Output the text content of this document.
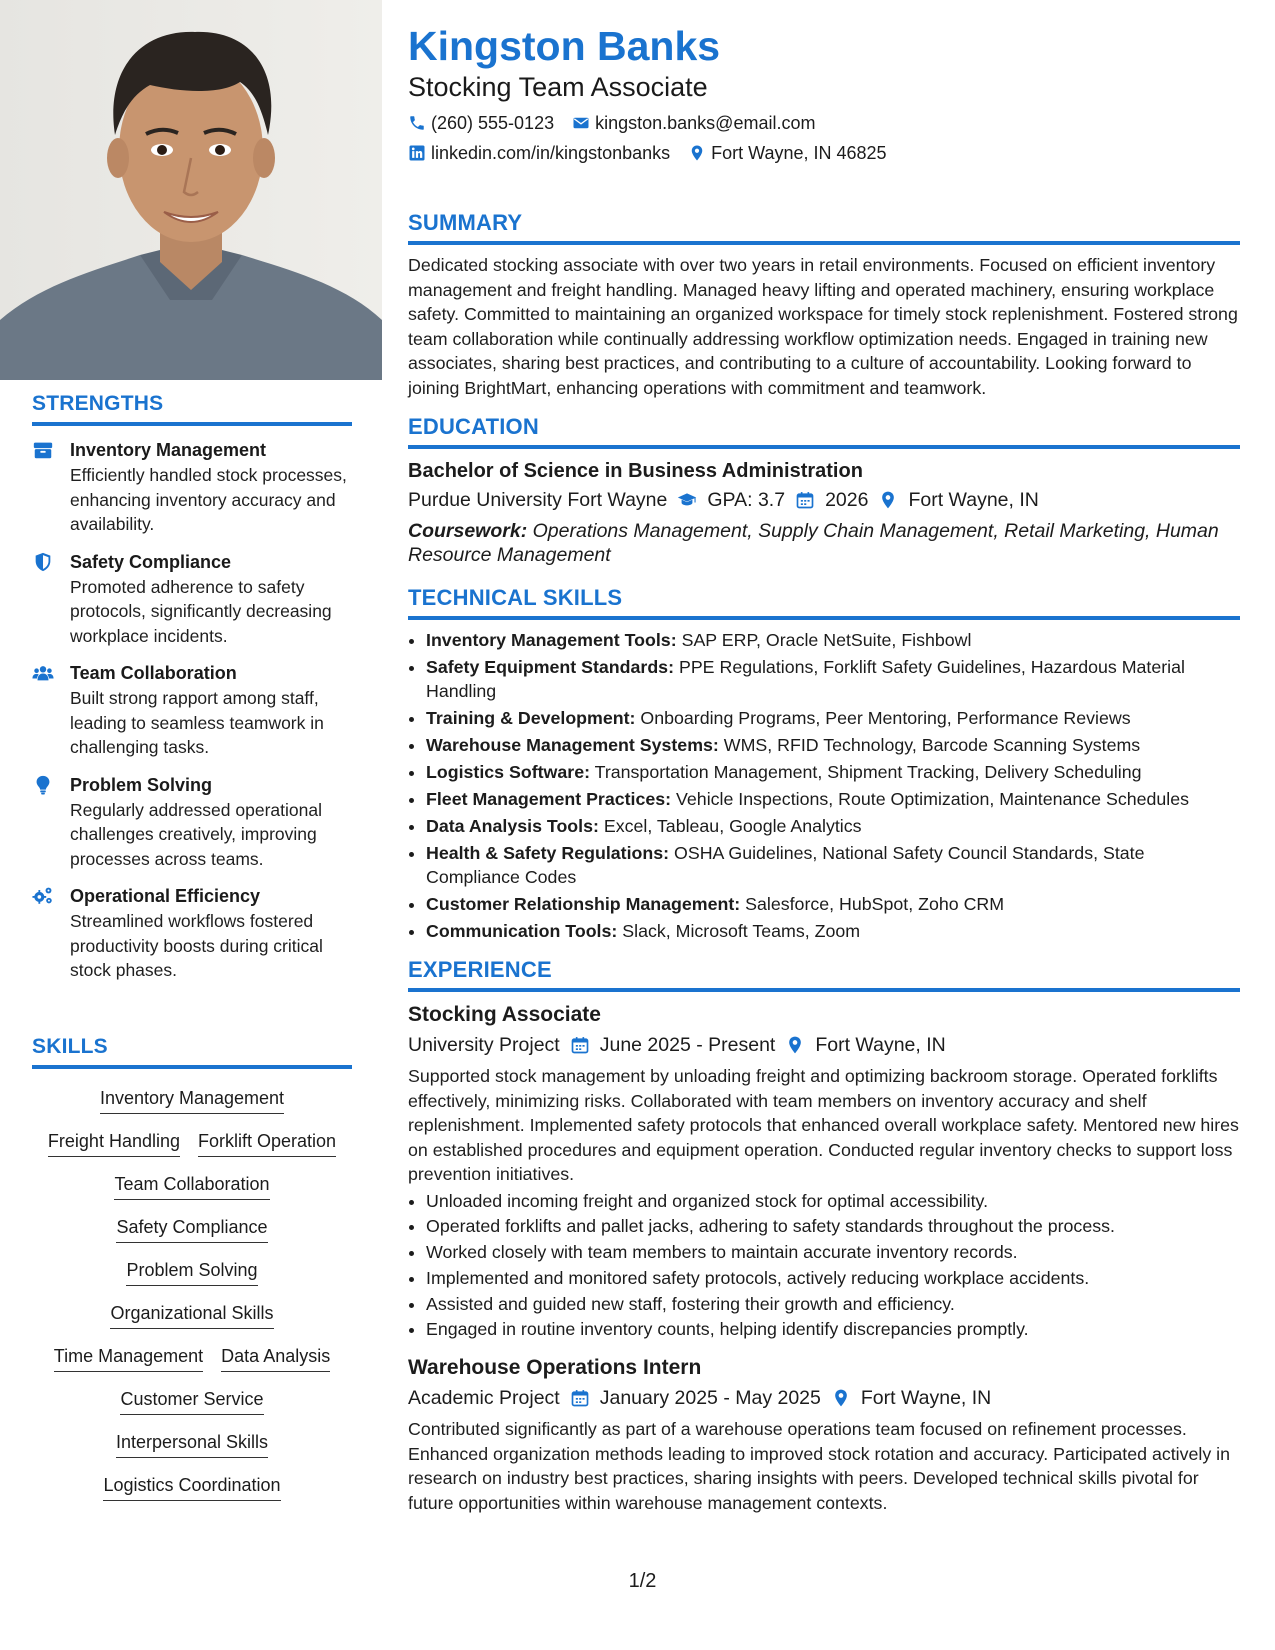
STRENGTHS
Inventory Management
Efficiently handled stock processes, enhancing inventory accuracy and availability.
Safety Compliance
Promoted adherence to safety protocols, significantly decreasing workplace incidents.
Team Collaboration
Built strong rapport among staff, leading to seamless teamwork in challenging tasks.
Problem Solving
Regularly addressed operational challenges creatively, improving processes across teams.
Operational Efficiency
Streamlined workflows fostered productivity boosts during critical stock phases.
SKILLS
Inventory Management
Freight Handling Forklift Operation
Team Collaboration
Safety Compliance
Problem Solving
Organizational Skills
Time Management Data Analysis
Customer Service
Interpersonal Skills
Logistics Coordination
Kingston Banks
Stocking Team Associate
(260) 555-0123 kingston.banks@email.com
linkedin.com/in/kingstonbanks Fort Wayne, IN 46825
SUMMARY
Dedicated stocking associate with over two years in retail environments. Focused on efficient inventory management and freight handling. Managed heavy lifting and operated machinery, ensuring workplace safety. Committed to maintaining an organized workspace for timely stock replenishment. Fostered strong team collaboration while continually addressing workflow optimization needs. Engaged in training new associates, sharing best practices, and contributing to a culture of accountability. Looking forward to joining BrightMart, enhancing operations with commitment and teamwork.
EDUCATION
Bachelor of Science in Business Administration
Purdue University Fort Wayne GPA: 3.7 2026 Fort Wayne, IN
Coursework: Operations Management, Supply Chain Management, Retail Marketing, Human Resource Management
TECHNICAL SKILLS
• Inventory Management Tools: SAP ERP, Oracle NetSuite, Fishbowl
• Safety Equipment Standards: PPE Regulations, Forklift Safety Guidelines, Hazardous Material Handling
• Training & Development: Onboarding Programs, Peer Mentoring, Performance Reviews
• Warehouse Management Systems: WMS, RFID Technology, Barcode Scanning Systems
• Logistics Software: Transportation Management, Shipment Tracking, Delivery Scheduling
• Fleet Management Practices: Vehicle Inspections, Route Optimization, Maintenance Schedules
• Data Analysis Tools: Excel, Tableau, Google Analytics
• Health & Safety Regulations: OSHA Guidelines, National Safety Council Standards, State Compliance Codes
• Customer Relationship Management: Salesforce, HubSpot, Zoho CRM
• Communication Tools: Slack, Microsoft Teams, Zoom
EXPERIENCE
Stocking Associate
University Project June 2025 - Present Fort Wayne, IN
Supported stock management by unloading freight and optimizing backroom storage. Operated forklifts effectively, minimizing risks. Collaborated with team members on inventory accuracy and shelf replenishment. Implemented safety protocols that enhanced overall workplace safety. Mentored new hires on established procedures and equipment operation. Conducted regular inventory checks to support loss prevention initiatives.
• Unloaded incoming freight and organized stock for optimal accessibility.
• Operated forklifts and pallet jacks, adhering to safety standards throughout the process.
• Worked closely with team members to maintain accurate inventory records.
• Implemented and monitored safety protocols, actively reducing workplace accidents.
• Assisted and guided new staff, fostering their growth and efficiency.
• Engaged in routine inventory counts, helping identify discrepancies promptly.
Warehouse Operations Intern
Academic Project January 2025 - May 2025 Fort Wayne, IN
Contributed significantly as part of a warehouse operations team focused on refinement processes. Enhanced organization methods leading to improved stock rotation and accuracy. Participated actively in research on industry best practices, sharing insights with peers. Developed technical skills pivotal for future opportunities within warehouse management contexts.
1/2
